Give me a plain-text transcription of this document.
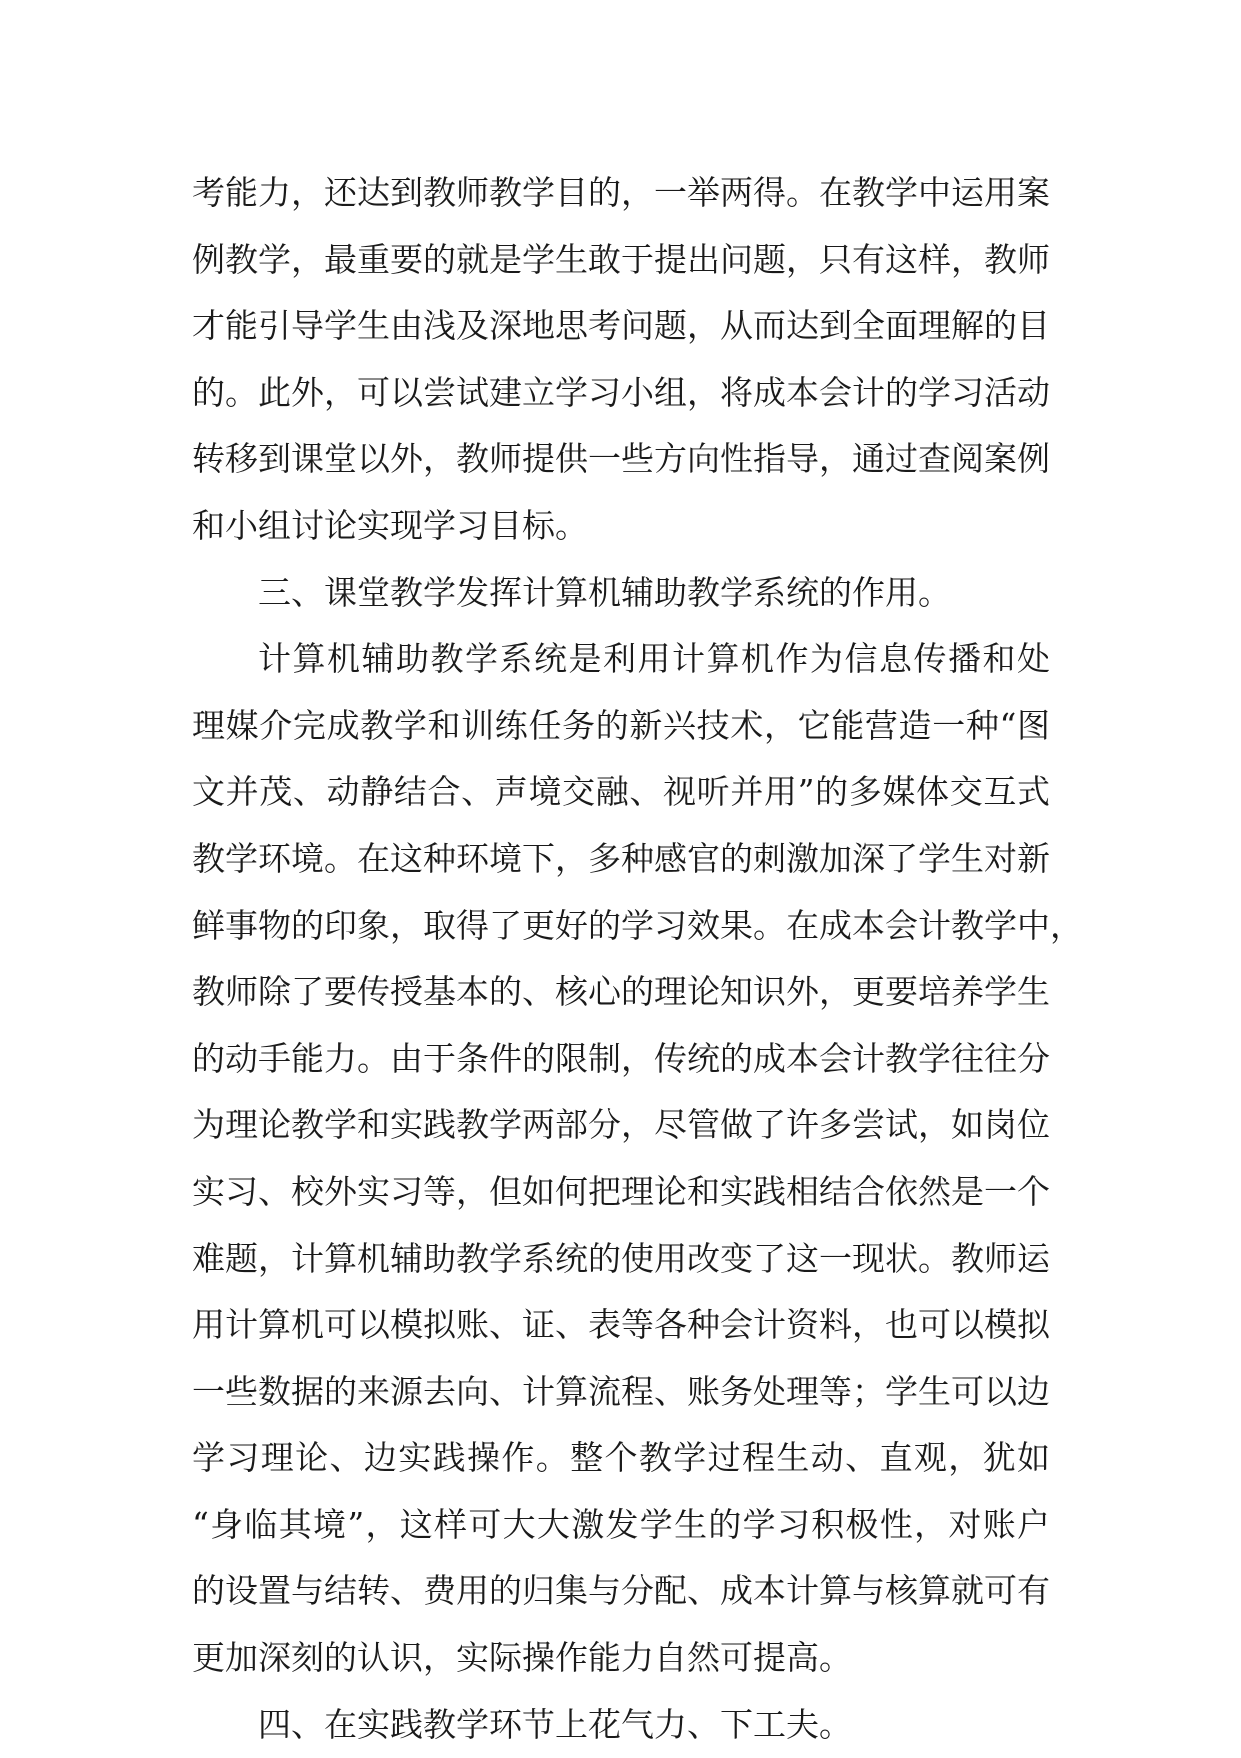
考能力，还达到教师教学目的，一举两得。在教学中运用案
例教学，最重要的就是学生敢于提出问题，只有这样，教师
才能引导学生由浅及深地思考问题，从而达到全面理解的目
的。此外，可以尝试建立学习小组，将成本会计的学习活动
转移到课堂以外，教师提供一些方向性指导，通过查阅案例
和小组讨论实现学习目标。
三、课堂教学发挥计算机辅助教学系统的作用。
计算机辅助教学系统是利用计算机作为信息传播和处
理媒介完成教学和训练任务的新兴技术，它能营造一种“图
文并茂、动静结合、声境交融、视听并用”的多媒体交互式
教学环境。在这种环境下，多种感官的刺激加深了学生对新
鲜事物的印象，取得了更好的学习效果。在成本会计教学中，
教师除了要传授基本的、核心的理论知识外，更要培养学生
的动手能力。由于条件的限制，传统的成本会计教学往往分
为理论教学和实践教学两部分，尽管做了许多尝试，如岗位
实习、校外实习等，但如何把理论和实践相结合依然是一个
难题，计算机辅助教学系统的使用改变了这一现状。教师运
用计算机可以模拟账、证、表等各种会计资料，也可以模拟
一些数据的来源去向、计算流程、账务处理等；学生可以边
学习理论、边实践操作。整个教学过程生动、直观，犹如
“身临其境”，这样可大大激发学生的学习积极性，对账户
的设置与结转、费用的归集与分配、成本计算与核算就可有
更加深刻的认识，实际操作能力自然可提高。
四、在实践教学环节上花气力、下工夫。
